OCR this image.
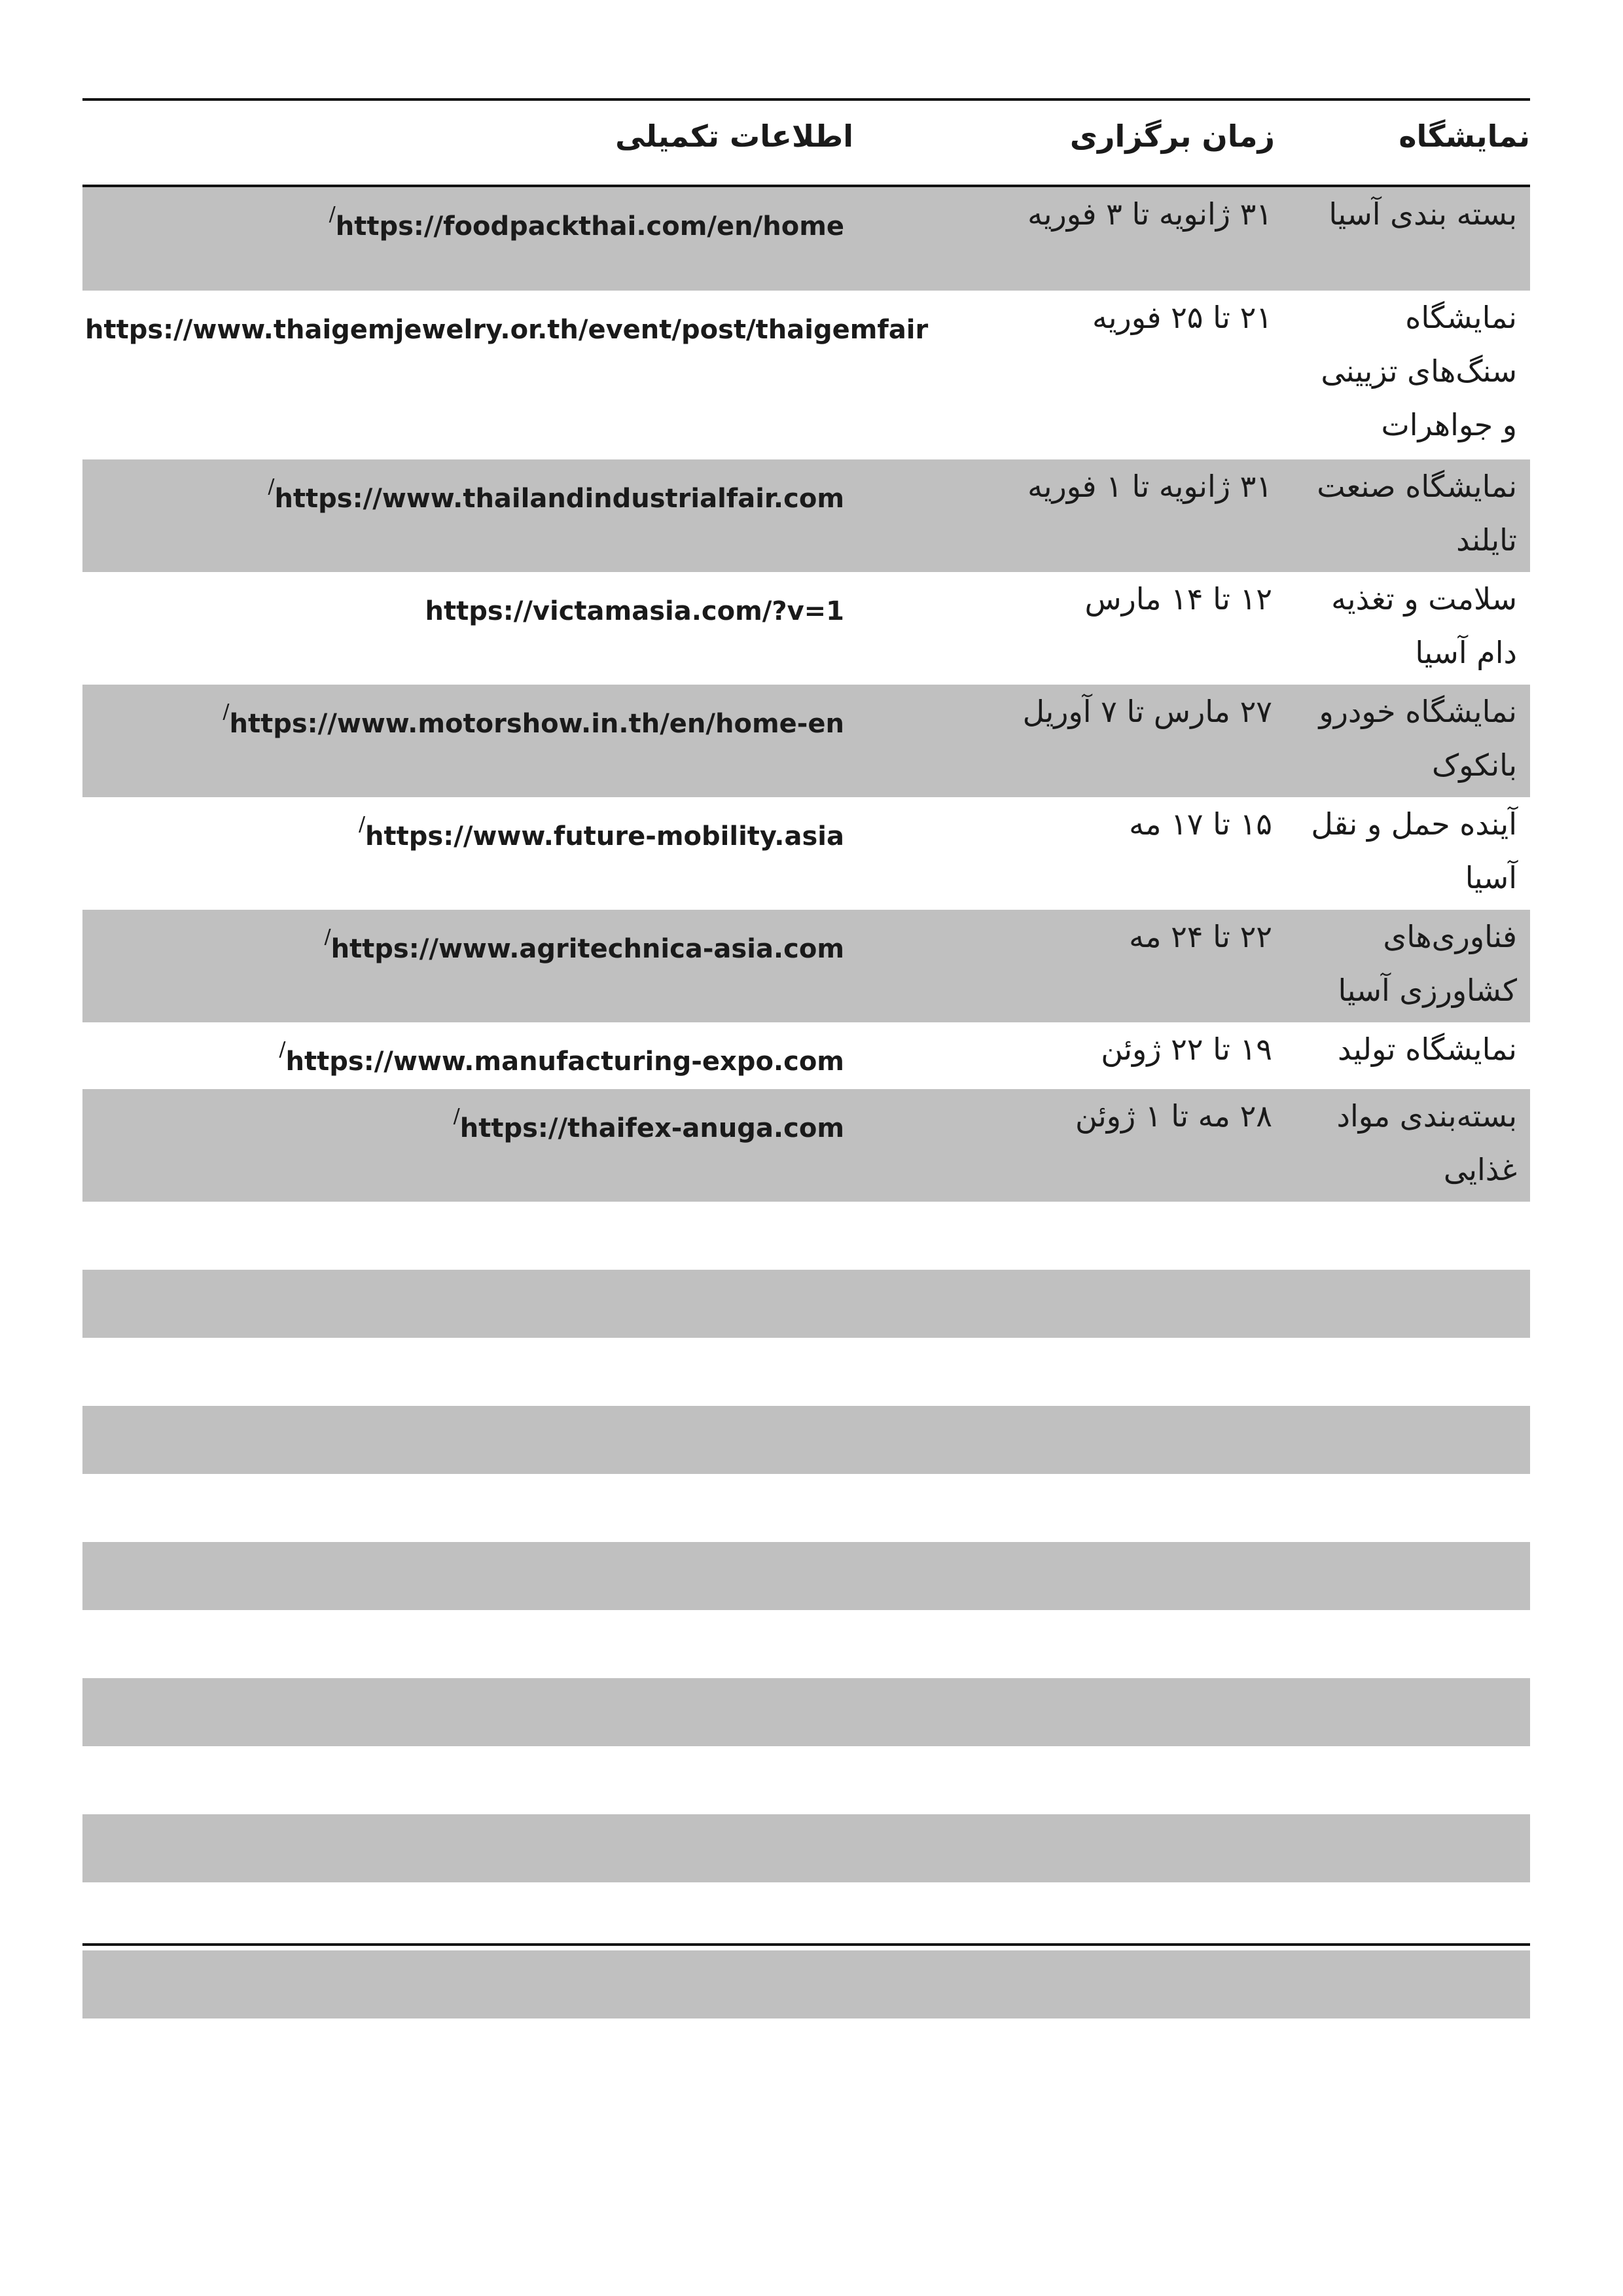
نمایشگاه
زمان برگزاری
اطلاعات تکمیلی
بسته بندی آسیا
۳۱ ژانویه تا ۳ فوریه
/https://foodpackthai.com/en/home
نمایشگاه
سنگ‌های تزیینی
و جواهرات
۲۱ تا ۲۵ فوریه
https://www.thaigemjewelry.or.th/event/post/thaigemfair
نمایشگاه صنعت
تایلند
۳۱ ژانویه تا ۱ فوریه
/https://www.thailandindustrialfair.com
سلامت و تغذیه
دام آسیا
۱۲ تا ۱۴ مارس
https://victamasia.com/?v=1
نمایشگاه خودرو
بانکوک
۲۷ مارس تا ۷ آوریل
/https://www.motorshow.in.th/en/home-en
آینده حمل و نقل
آسیا
۱۵ تا ۱۷ مه
/https://www.future-mobility.asia
فناوری‌های
کشاورزی آسیا
۲۲ تا ۲۴ مه
/https://www.agritechnica-asia.com
نمایشگاه تولید
۱۹ تا ۲۲ ژوئن
/https://www.manufacturing-expo.com
بسته‌بندی مواد
غذایی
۲۸ مه تا ۱ ژوئن
/https://thaifex-anuga.com
